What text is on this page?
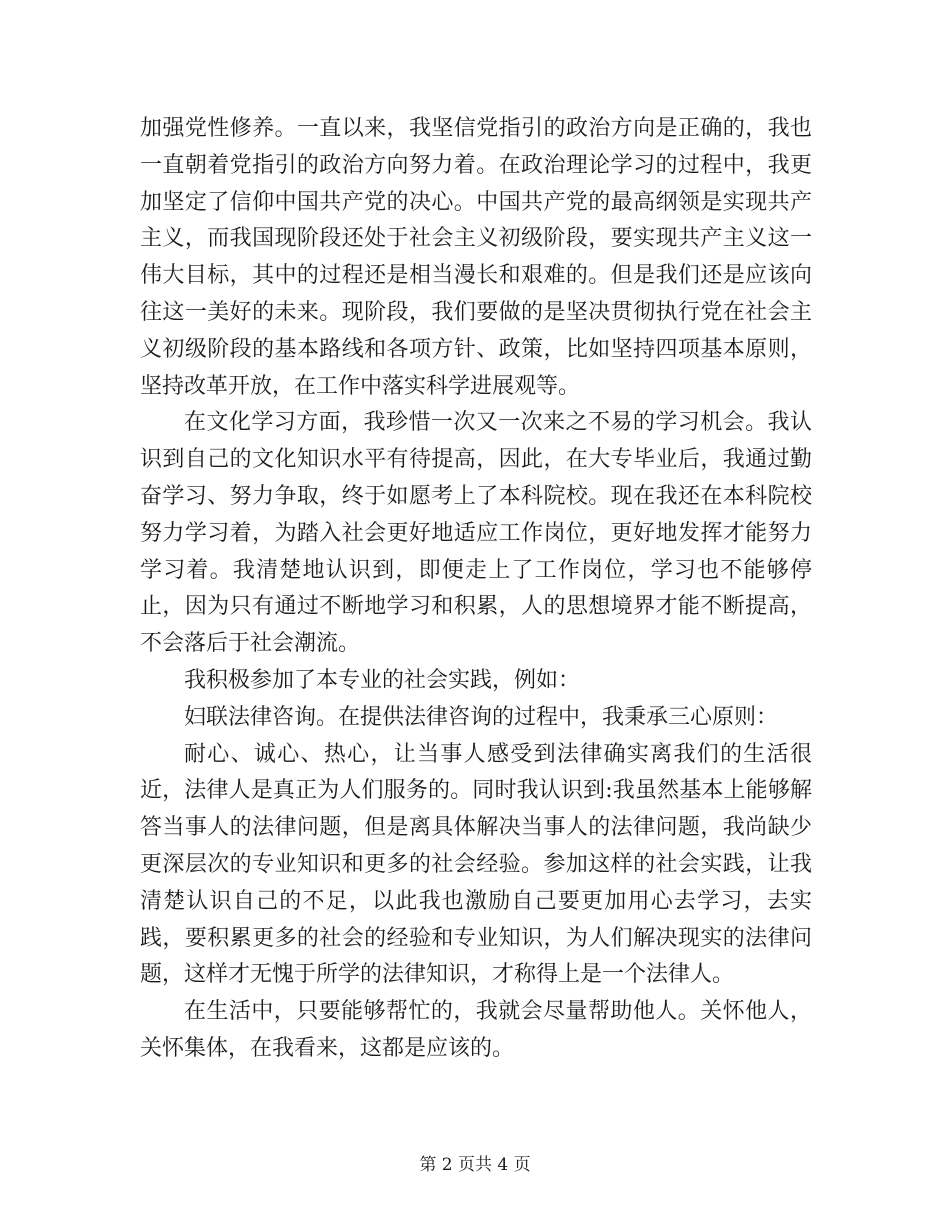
加强党性修养。一直以来，我坚信党指引的政治方向是正确的，我也一直朝着党指引的政治方向努力着。在政治理论学习的过程中，我更加坚定了信仰中国共产党的决心。中国共产党的最高纲领是实现共产主义，而我国现阶段还处于社会主义初级阶段，要实现共产主义这一伟大目标，其中的过程还是相当漫长和艰难的。但是我们还是应该向往这一美好的未来。现阶段，我们要做的是坚决贯彻执行党在社会主义初级阶段的基本路线和各项方针、政策，比如坚持四项基本原则，坚持改革开放，在工作中落实科学进展观等。

在文化学习方面，我珍惜一次又一次来之不易的学习机会。我认识到自己的文化知识水平有待提高，因此，在大专毕业后，我通过勤奋学习、努力争取，终于如愿考上了本科院校。现在我还在本科院校努力学习着，为踏入社会更好地适应工作岗位，更好地发挥才能努力学习着。我清楚地认识到，即便走上了工作岗位，学习也不能够停止，因为只有通过不断地学习和积累，人的思想境界才能不断提高，不会落后于社会潮流。

我积极参加了本专业的社会实践，例如：

妇联法律咨询。在提供法律咨询的过程中，我秉承三心原则：

耐心、诚心、热心，让当事人感受到法律确实离我们的生活很近，法律人是真正为人们服务的。同时我认识到:我虽然基本上能够解答当事人的法律问题，但是离具体解决当事人的法律问题，我尚缺少更深层次的专业知识和更多的社会经验。参加这样的社会实践，让我清楚认识自己的不足，以此我也激励自己要更加用心去学习，去实践，要积累更多的社会的经验和专业知识，为人们解决现实的法律问题，这样才无愧于所学的法律知识，才称得上是一个法律人。

在生活中，只要能够帮忙的，我就会尽量帮助他人。关怀他人，关怀集体，在我看来，这都是应该的。

第 2 页共 4 页
